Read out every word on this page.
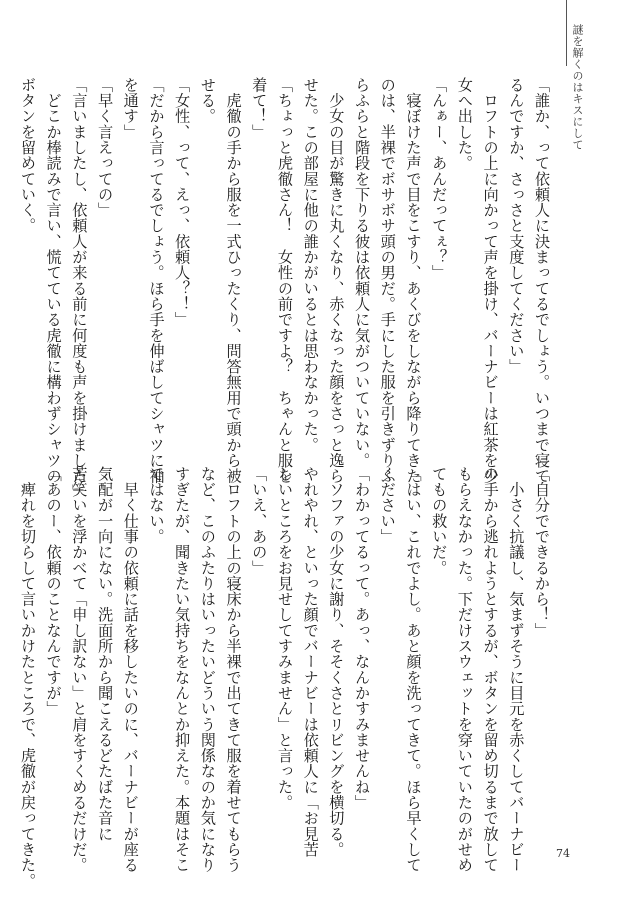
謎を解くのはキスにして

「誰か、って依頼人に決まってるでしょう。いつまで寝て

るんですか、さっさと支度してください」

　ロフトの上に向かって声を掛け、バーナビーは紅茶を少

女へ出した。

「んぁー、あんだってぇ？」

　寝ぼけた声で目をこすり、あくびをしながら降りてきた

のは、半裸でボサボサ頭の男だ。手にした服を引きずりふ

らふらと階段を下りる彼は依頼人に気がついていない。

　少女の目が驚きに丸くなり、赤くなった顔をさっと逸ら

せた。この部屋に他の誰かがいるとは思わなかった。

「ちょっと虎徹さん！　女性の前ですよ？　ちゃんと服を

着て！」

　虎徹の手から服を一式ひったくり、問答無用で頭から被

せる。

「女性、って、えっ、依頼人？！」

「だから言ってるでしょう。ほら手を伸ばしてシャツに袖

を通す」

「早く言えっての」

「言いましたし、依頼人が来る前に何度も声を掛けました」

　どこか棒読みで言い、慌てている虎徹に構わずシャツの

ボタンを留めていく。

「自分でできるから！」

　小さく抗議し、気まずそうに目元を赤くしてバーナビー

の手から逃れようとするが、ボタンを留め切るまで放して

もらえなかった。下だけスウェットを穿いていたのがせめ

てもの救いだ。

「はい、これでよし。あと顔を洗ってきて。ほら早くして

ください」

「わかってるって。あっ、なんかすみませんね」

　ソファの少女に謝り、そそくさとリビングを横切る。

やれやれ、といった顔でバーナビーは依頼人に「お見苦

しいところをお見せしてすみません」と言った。

「いえ、あの」

　ロフトの上の寝床から半裸で出てきて服を着せてもらう

など、このふたりはいったいどういう関係なのか気になり

すぎたが、聞きたい気持ちをなんとか抑えた。本題はそこ

ではない。

　早く仕事の依頼に話を移したいのに、バーナビーが座る

気配が一向にない。洗面所から聞こえるどたばた音に

苦笑いを浮かべて「申し訳ない」と肩をすくめるだけだ。

「あのー、依頼のことなんですが」

　痺れを切らして言いかけたところで、虎徹が戻ってきた。	74
